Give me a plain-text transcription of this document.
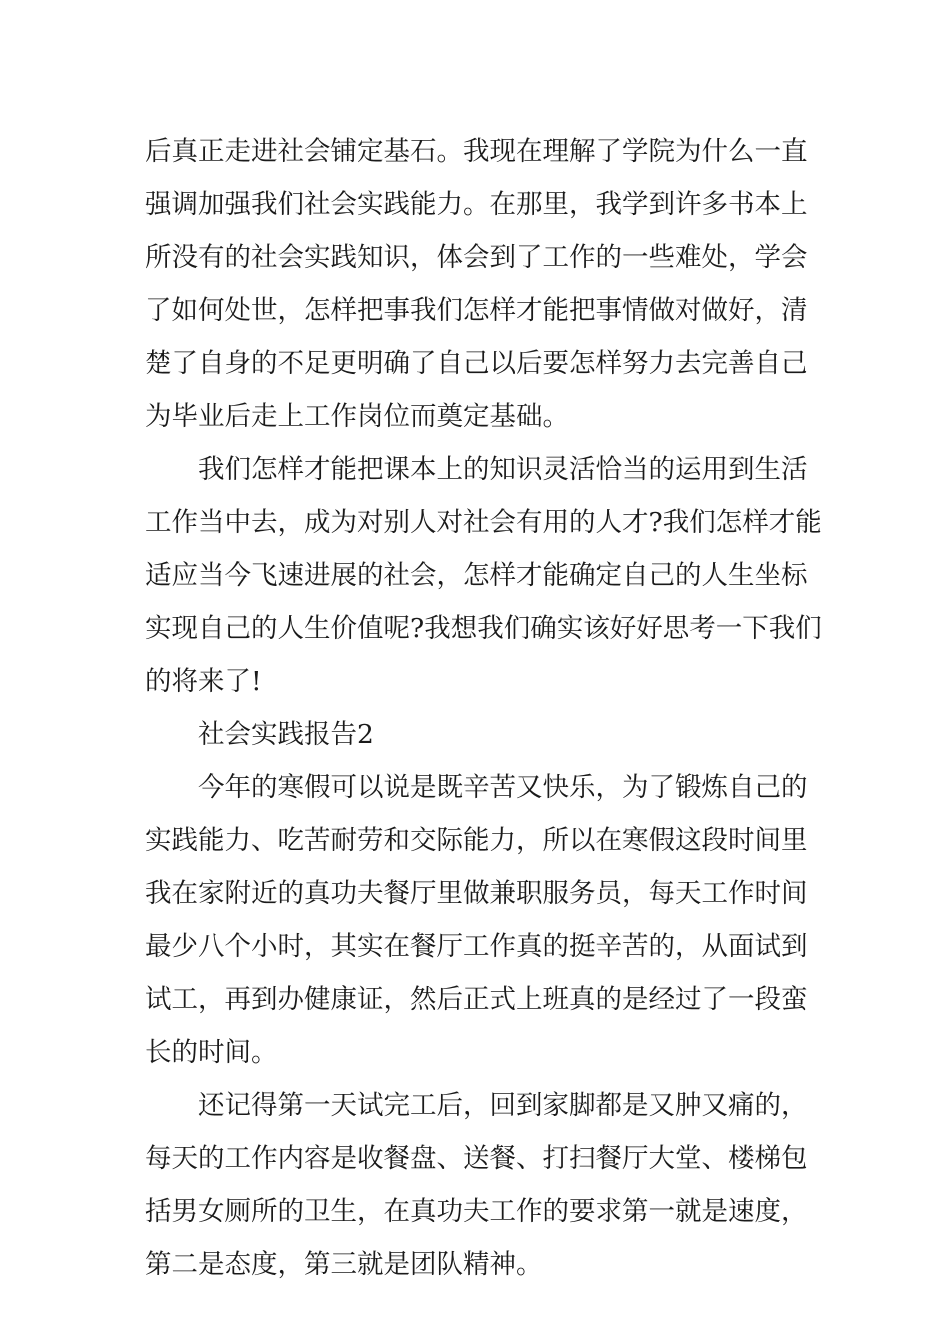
后真正走进社会铺定基石。我现在理解了学院为什么一直
强调加强我们社会实践能力。在那里，我学到许多书本上
所没有的社会实践知识，体会到了工作的一些难处，学会
了如何处世，怎样把事我们怎样才能把事情做对做好，清
楚了自身的不足更明确了自己以后要怎样努力去完善自己
为毕业后走上工作岗位而奠定基础。
我们怎样才能把课本上的知识灵活恰当的运用到生活
工作当中去，成为对别人对社会有用的人才?我们怎样才能
适应当今飞速进展的社会，怎样才能确定自己的人生坐标
实现自己的人生价值呢?我想我们确实该好好思考一下我们
的将来了!
社会实践报告2
今年的寒假可以说是既辛苦又快乐，为了锻炼自己的
实践能力、吃苦耐劳和交际能力，所以在寒假这段时间里
我在家附近的真功夫餐厅里做兼职服务员，每天工作时间
最少八个小时，其实在餐厅工作真的挺辛苦的，从面试到
试工，再到办健康证，然后正式上班真的是经过了一段蛮
长的时间。
还记得第一天试完工后，回到家脚都是又肿又痛的，
每天的工作内容是收餐盘、送餐、打扫餐厅大堂、楼梯包
括男女厕所的卫生，在真功夫工作的要求第一就是速度，
第二是态度，第三就是团队精神。
